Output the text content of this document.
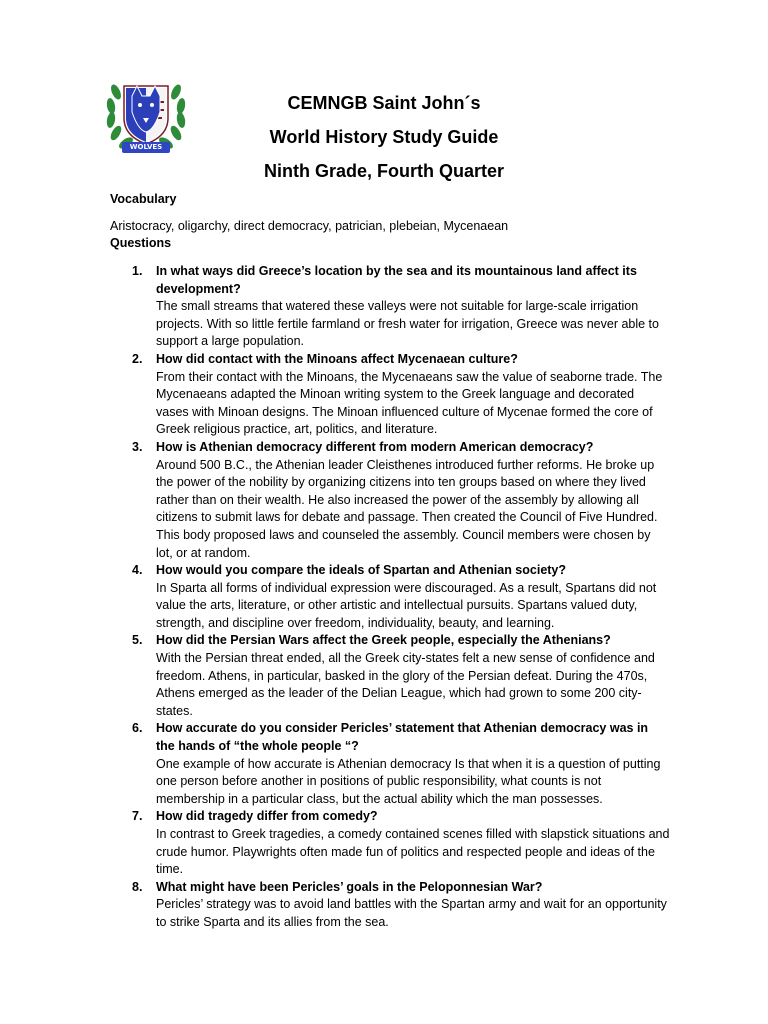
WOLVES
CEMNGB Saint John´s
World History Study Guide
Ninth Grade, Fourth Quarter
Vocabulary
Aristocracy, oligarchy, direct democracy, patrician, plebeian, Mycenaean
Questions
1. In what ways did Greece’s location by the sea and its mountainous land affect its development?
The small streams that watered these valleys were not suitable for large-scale irrigation projects. With so little fertile farmland or fresh water for irrigation, Greece was never able to support a large population.
2. How did contact with the Minoans affect Mycenaean culture?
From their contact with the Minoans, the Mycenaeans saw the value of seaborne trade. The Mycenaeans adapted the Minoan writing system to the Greek language and decorated vases with Minoan designs. The Minoan influenced culture of Mycenae formed the core of Greek religious practice, art, politics, and literature.
3. How is Athenian democracy different from modern American democracy?
Around 500 B.C., the Athenian leader Cleisthenes introduced further reforms. He broke up the power of the nobility by organizing citizens into ten groups based on where they lived rather than on their wealth. He also increased the power of the assembly by allowing all citizens to submit laws for debate and passage. Then created the Council of Five Hundred. This body proposed laws and counseled the assembly. Council members were chosen by lot, or at random.
4. How would you compare the ideals of Spartan and Athenian society?
In Sparta all forms of individual expression were discouraged. As a result, Spartans did not value the arts, literature, or other artistic and intellectual pursuits. Spartans valued duty, strength, and discipline over freedom, individuality, beauty, and learning.
5. How did the Persian Wars affect the Greek people, especially the Athenians?
With the Persian threat ended, all the Greek city-states felt a new sense of confidence and freedom. Athens, in particular, basked in the glory of the Persian defeat. During the 470s, Athens emerged as the leader of the Delian League, which had grown to some 200 city-states.
6. How accurate do you consider Pericles’ statement that Athenian democracy was in the hands of “the whole people “?
One example of how accurate is Athenian democracy Is that when it is a question of putting one person before another in positions of public responsibility, what counts is not membership in a particular class, but the actual ability which the man possesses.
7. How did tragedy differ from comedy?
In contrast to Greek tragedies, a comedy contained scenes filled with slapstick situations and crude humor. Playwrights often made fun of politics and respected people and ideas of the time.
8. What might have been Pericles’ goals in the Peloponnesian War?
Pericles’ strategy was to avoid land battles with the Spartan army and wait for an opportunity to strike Sparta and its allies from the sea.
